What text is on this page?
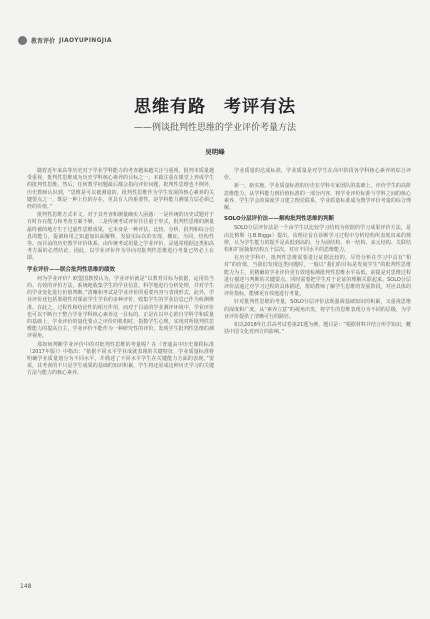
教育评价 JIAOYUPINGJIA
思维有路　考评有法
——例谈批判性思维的学业评价考量方法
吴明峰

随着近年来高等历史对于学业学科能力的考查越来越关注与重视，批判本质量越受重视，批判性思维成为历史学科核心素养的目标之一。本篇注重在课堂上养成学生的批判性思维。然后，任何教学问题最后都会指向评价问题，批判性思维也不例外，历史教师认识到，“思维是可以被测量的，批判性思维作为学生发展的核心素养的关键要点之一，既是一种上位的存在，更具有人的重要性。是学科能力测量力层必须已经的价值。”

批判性思维方式本文，对于其考查和测量确实人困惑：一是传统的历史试题对于有时存在能力和考查方案不够，二是传统考试评价往往重于形式，批判性思维的测量最终被的地方生于过虚性思维成果，它本身是一种评估、比较、分析、批判和综合信息的能力，提调和用之知道加识面解释，发展实际次的实现，概证，为同，结构性等。而目前的历史教学评价体系，由传统考试用量之学业评价，是通常根据这类和高考方面的必然结论。因此，以学业评价作为导向对批判性思维进行考量已势必上在即。

学业评价——联合批判性思维的绩效

何为学业评价？欧盟国教授认为，学业评价就是“以教育目标为依据，运用恰当的、有效的评价方法，系统地收集学生的学业信息，科学地进行分析处理，并对学生的学业变化进行价值判断。”清晰和考试是学业评价的重要内容与表现形式，此外，学业评价还包括鉴别性对课前学生学业的多种评价，收集学生的学业信息已作为检测维准。在此之，过程性和结论性的相互作用，而对于目前的学业测评环境中，学业评价也可以不断自于整合学业学科核心素养这一目标的。正是在以中心的自学科学和质量的基础上，学业评价的量化要点之评价的机构时，指数学生心理，实现对所批判性思维能力的提高自主，学业评价不能作为一种研究性的评价，发现学生批判性思维的测评视角。

那如何判断学业评价中的对批判性思维的考量呢？在《普通高中历史课程标准（2017年版）》中指出：“依据不同水平学业成就表现的关键特征，学业质量标准将明确学业质量划分为不同水平，并描述了不同水平学生在关键能力方面的表现。”要说，其考查的不只是学生成果的基础的知识积累，学生将还原成这种历史学习的关键方法与能力的核心素养。

学业质量的达成标准，学业质量是对学生在高中阶段各学科核心素养的综合评价。

新一，新实施。学业质量标准的历史在学科专家团队的基础上，评价学生的高阶思维能力，从学科能力到价值标准的一部分内容，将学业评价标准与学科之间的核心素养、学生学会的深度学习建立理论联系，学业质量标准成为教学评价考量的综合理解。

SOLO分层评价法——解构批判性思维的判断

SOLO分层评价法是一个由学生以比较学习结构为依据的学习成果评价方法，是由比格斯（J.B.Biggs）提出，该理论旨在诊断学习过程中分析结构所表现出来的规律，认为学生能力的提升是从低到高的，分为前结构、单一结构、多元结构、关联结构和扩展抽象结构五个层次，对应不同水平的思维能力。

在历史学科中，批判性思维需要进行证据比较的。尽管分析在学习中具有“相对”的价值，当我们发现这类问题时，一般以“我们的目标是发展学生”的批判性思维能力为主，更精确的学业评价更有效地检测批判性思维水平高低，前提是对思维过程进行描述与判断的关键要点，同时需要把学生对于论证的理解关联起来。SOLO分层评价法通过对学习过程的具体描述，帮助教师了解学生思维的发展阶段，对应具体的评价指标，能够更有效地进行考量。

针对批判性思维的考量，SOLO分层评价法既强调基础知识的积累，又重视思维的深度和广度，从“素养立意”的视角出发，将学生的思维表现分为不同的层级，为学业评价提供了清晰可行的路径。

如以2018年江苏高考试卷第21题为例，题目是：“根据材料并结合所学知识，概括中国文化对西方的影响。”

148
